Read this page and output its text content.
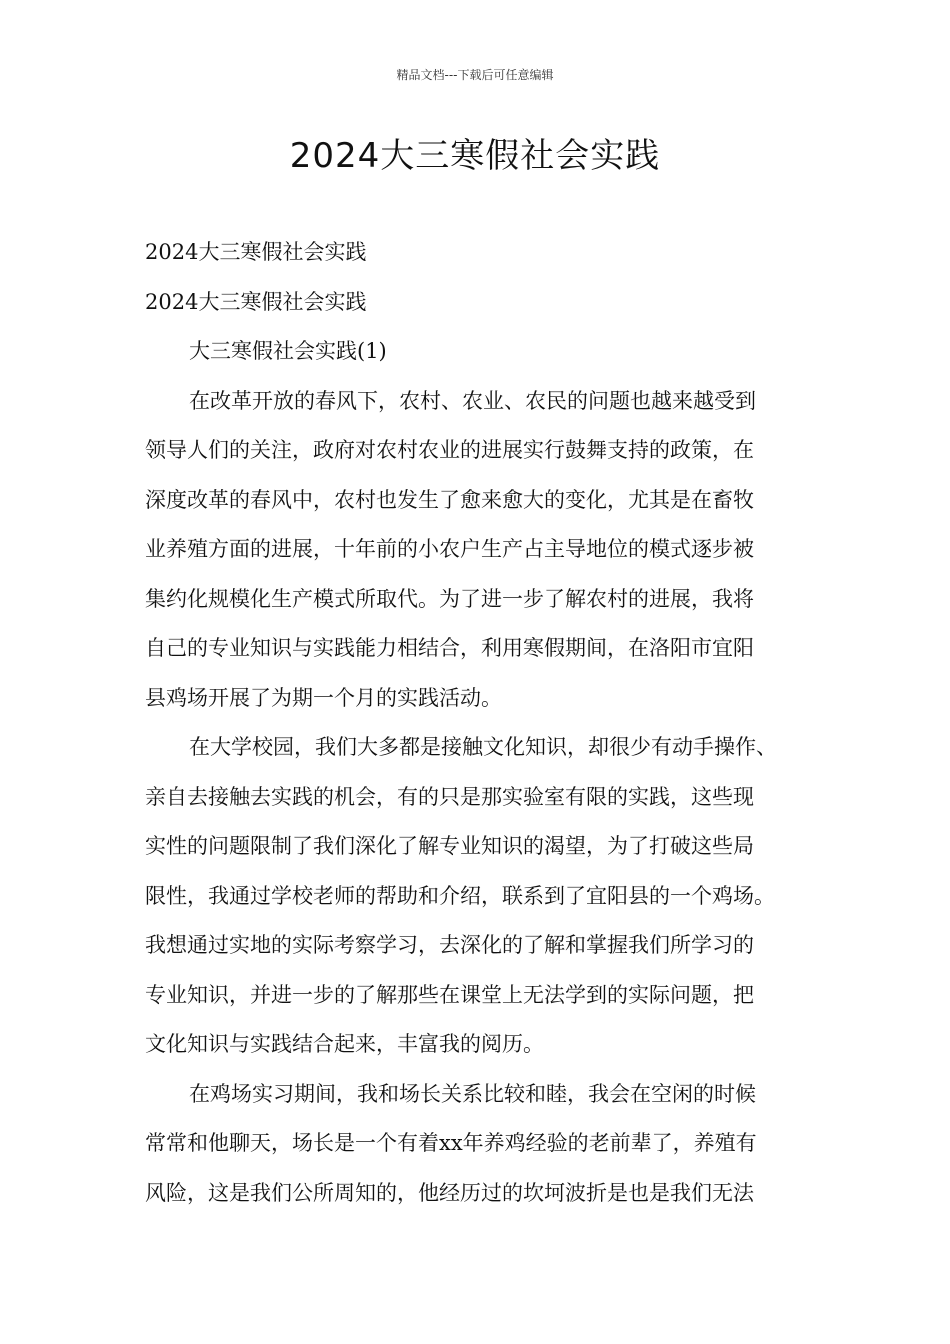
精品文档---下载后可任意编辑
2024大三寒假社会实践

2024大三寒假社会实践

2024大三寒假社会实践

大三寒假社会实践(1)

在改革开放的春风下，农村、农业、农民的问题也越来越受到

领导人们的关注，政府对农村农业的进展实行鼓舞支持的政策，在

深度改革的春风中，农村也发生了愈来愈大的变化，尤其是在畜牧

业养殖方面的进展，十年前的小农户生产占主导地位的模式逐步被

集约化规模化生产模式所取代。为了进一步了解农村的进展，我将

自己的专业知识与实践能力相结合，利用寒假期间，在洛阳市宜阳

县鸡场开展了为期一个月的实践活动。

在大学校园，我们大多都是接触文化知识，却很少有动手操作、

亲自去接触去实践的机会，有的只是那实验室有限的实践，这些现

实性的问题限制了我们深化了解专业知识的渴望，为了打破这些局

限性，我通过学校老师的帮助和介绍，联系到了宜阳县的一个鸡场。

我想通过实地的实际考察学习，去深化的了解和掌握我们所学习的

专业知识，并进一步的了解那些在课堂上无法学到的实际问题，把

文化知识与实践结合起来，丰富我的阅历。

在鸡场实习期间，我和场长关系比较和睦，我会在空闲的时候

常常和他聊天，场长是一个有着xx年养鸡经验的老前辈了，养殖有

风险，这是我们公所周知的，他经历过的坎坷波折是也是我们无法
